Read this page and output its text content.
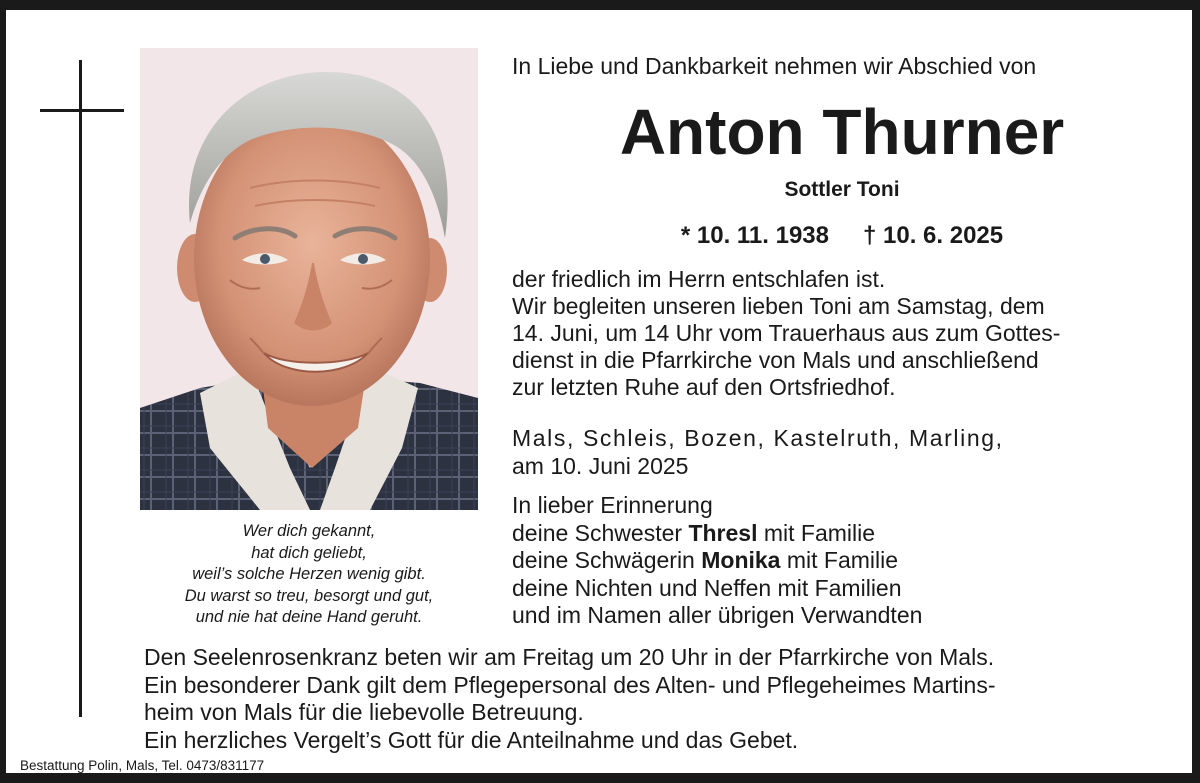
Wer dich gekannt,
hat dich geliebt,
weil’s solche Herzen wenig gibt.
Du warst so treu, besorgt und gut,
und nie hat deine Hand geruht.
In Liebe und Dankbarkeit nehmen wir Abschied von
Anton Thurner
Sottler Toni
* 10. 11. 1938 † 10. 6. 2025
der friedlich im Herrn entschlafen ist.
Wir begleiten unseren lieben Toni am Samstag, dem
14. Juni, um 14 Uhr vom Trauerhaus aus zum Gottes-
dienst in die Pfarrkirche von Mals und anschließend
zur letzten Ruhe auf den Ortsfriedhof.
Mals, Schleis, Bozen, Kastelruth, Marling,
am 10. Juni 2025
In lieber Erinnerung
deine Schwester Thresl mit Familie
deine Schwägerin Monika mit Familie
deine Nichten und Neffen mit Familien
und im Namen aller übrigen Verwandten
Den Seelenrosenkranz beten wir am Freitag um 20 Uhr in der Pfarrkirche von Mals.
Ein besonderer Dank gilt dem Pflegepersonal des Alten- und Pflegeheimes Martins-
heim von Mals für die liebevolle Betreuung.
Ein herzliches Vergelt’s Gott für die Anteilnahme und das Gebet.
Bestattung Polin, Mals, Tel. 0473/831177
